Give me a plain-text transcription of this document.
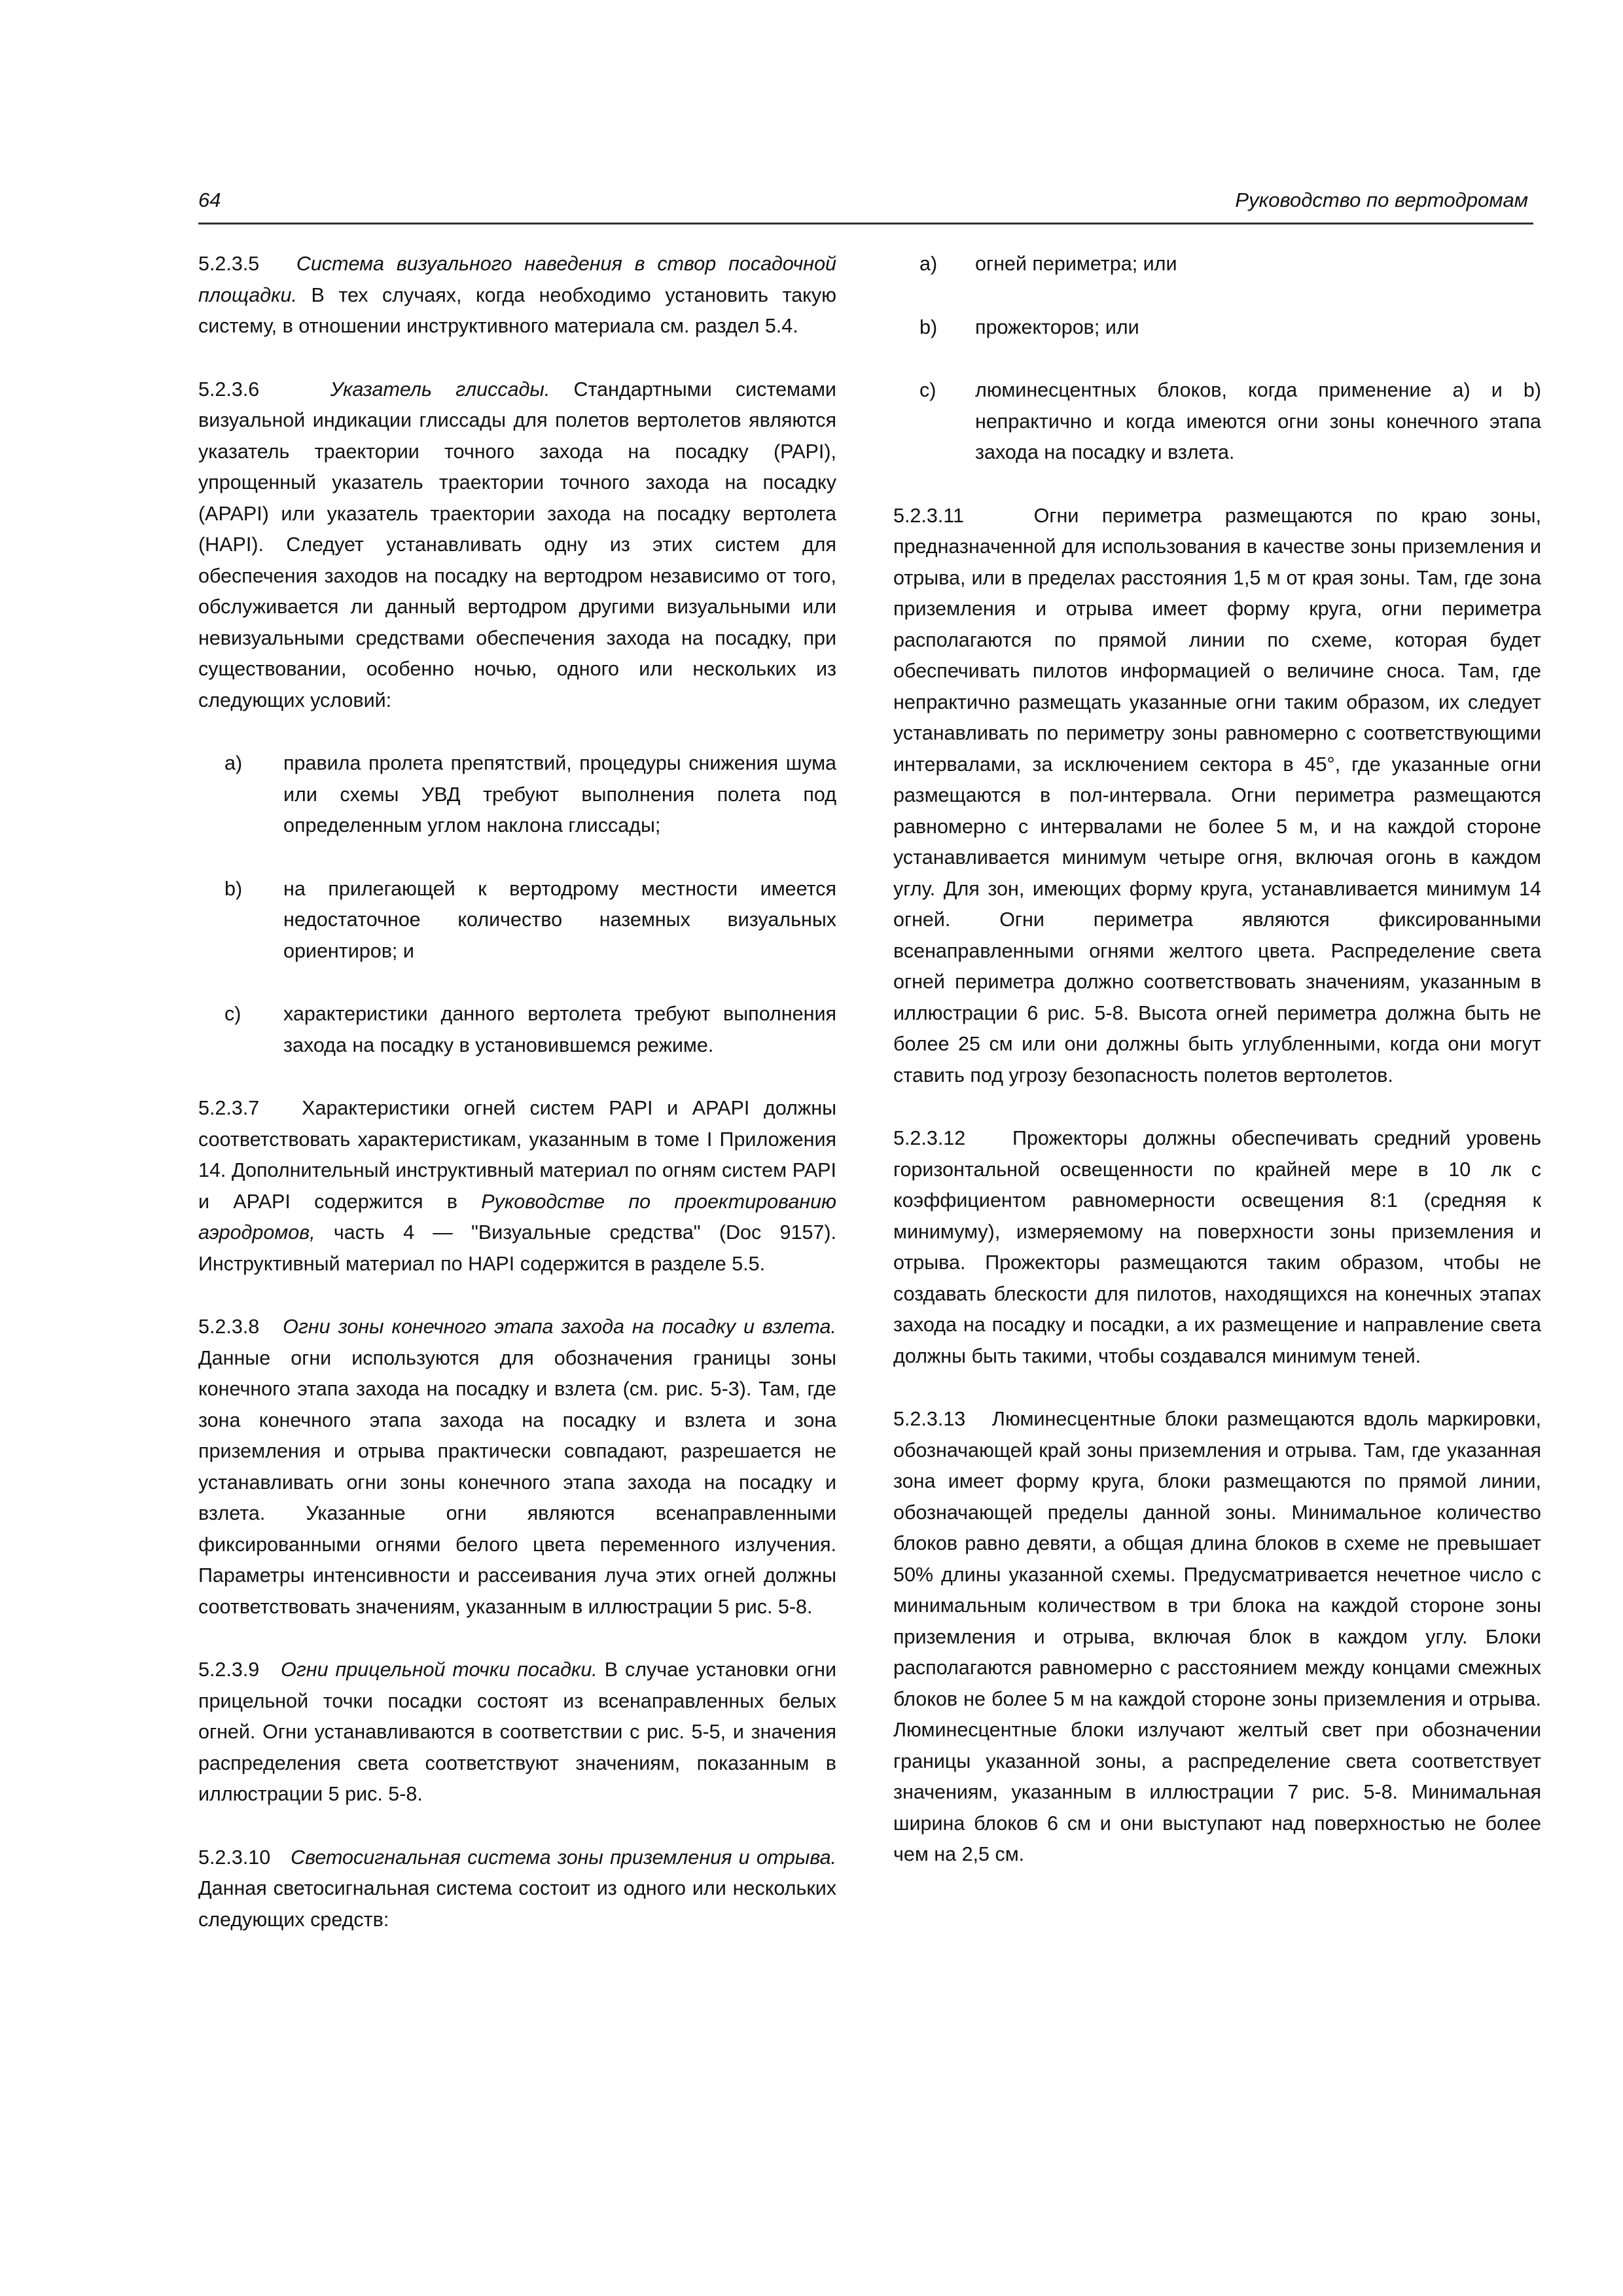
64	Руководство по вертодромам

5.2.3.5 Система визуального наведения в створ посадочной площадки. В тех случаях, когда необходимо установить такую систему, в отношении инструктивного материала см. раздел 5.4.

5.2.3.6	Указатель глиссады. Стандартными системами визуальной индикации глиссады для полетов вертолетов являются указатель траектории точного захода на посадку (PAPI), упрощенный указатель траектории точного захода на посадку (APAPI) или указатель траектории захода на посадку вертолета (HAPI). Следует устанавливать одну из этих систем для обеспечения заходов на посадку на вертодром независимо от того, обслуживается ли данный вертодром другими визуальными или невизуальными средствами обеспечения захода на посадку, при существовании, особенно ночью, одного или нескольких из следующих условий:

a)	правила пролета препятствий, процедуры снижения шума или схемы УВД требуют выполнения полета под определенным углом наклона глиссады;
b)	на прилегающей к вертодрому местности имеется недостаточное количество наземных визуальных ориентиров; и
c)	характеристики данного вертолета требуют выполнения захода на посадку в установившемся режиме.

5.2.3.7 Характеристики огней систем PAPI и APAPI должны соответствовать характеристикам, указанным в томе I Приложения 14. Дополнительный инструктивный материал по огням систем PAPI и APAPI содержится в Руководстве по проектированию аэродромов, часть 4 — "Визуальные средства" (Doc 9157). Инструктивный материал по HAPI содержится в разделе 5.5.

5.2.3.8 Огни зоны конечного этапа захода на посадку и взлета. Данные огни используются для обозначения границы зоны конечного этапа захода на посадку и взлета (см. рис. 5-3). Там, где зона конечного этапа захода на посадку и взлета и зона приземления и отрыва практически совпадают, разрешается не устанавливать огни зоны конечного этапа захода на посадку и взлета. Указанные огни являются всенаправленными фиксированными огнями белого цвета переменного излучения. Параметры интенсивности и рассеивания луча этих огней должны соответствовать значениям, указанным в иллюстрации 5 рис. 5-8.

5.2.3.9 Огни прицельной точки посадки. В случае установки огни прицельной точки посадки состоят из всенаправленных белых огней. Огни устанавливаются в соответствии с рис. 5-5, и значения распределения света соответствуют значениям, показанным в иллюстрации 5 рис. 5-8.

5.2.3.10 Светосигнальная система зоны приземления и отрыва. Данная светосигнальная система состоит из одного или нескольких следующих средств:

a)	огней периметра; или
b)	прожекторов; или
c)	люминесцентных блоков, когда применение a) и b) непрактично и когда имеются огни зоны конечного этапа захода на посадку и взлета.

5.2.3.11	Огни периметра размещаются по краю зоны, предназначенной для использования в качестве зоны приземления и отрыва, или в пределах расстояния 1,5 м от края зоны. Там, где зона приземления и отрыва имеет форму круга, огни периметра располагаются по прямой линии по схеме, которая будет обеспечивать пилотов информацией о величине сноса. Там, где непрактично размещать указанные огни таким образом, их следует устанавливать по периметру зоны равномерно с соответствующими интервалами, за исключением сектора в 45°, где указанные огни размещаются в пол-интервала. Огни периметра размещаются равномерно с интервалами не более 5 м, и на каждой стороне устанавливается минимум четыре огня, включая огонь в каждом углу. Для зон, имеющих форму круга, устанавливается минимум 14 огней. Огни периметра являются фиксированными всенаправленными огнями желтого цвета. Распределение света огней периметра должно соответствовать значениям, указанным в иллюстрации 6 рис. 5-8. Высота огней периметра должна быть не более 25 см или они должны быть углубленными, когда они могут ставить под угрозу безопасность полетов вертолетов.

5.2.3.12 Прожекторы должны обеспечивать средний уровень горизонтальной освещенности по крайней мере в 10 лк с коэффициентом равномерности освещения 8:1 (средняя к минимуму), измеряемому на поверхности зоны приземления и отрыва. Прожекторы размещаются таким образом, чтобы не создавать блескости для пилотов, находящихся на конечных этапах захода на посадку и посадки, а их размещение и направление света должны быть такими, чтобы создавался минимум теней.

5.2.3.13 Люминесцентные блоки размещаются вдоль маркировки, обозначающей край зоны приземления и отрыва. Там, где указанная зона имеет форму круга, блоки размещаются по прямой линии, обозначающей пределы данной зоны. Минимальное количество блоков равно девяти, а общая длина блоков в схеме не превышает 50% длины указанной схемы. Предусматривается нечетное число с минимальным количеством в три блока на каждой стороне зоны приземления и отрыва, включая блок в каждом углу. Блоки располагаются равномерно с расстоянием между концами смежных блоков не более 5 м на каждой стороне зоны приземления и отрыва. Люминесцентные блоки излучают желтый свет при обозначении границы указанной зоны, а распределение света соответствует значениям, указанным в иллюстрации 7 рис. 5-8. Минимальная ширина блоков 6 см и они выступают над поверхностью не более чем на 2,5 см.
